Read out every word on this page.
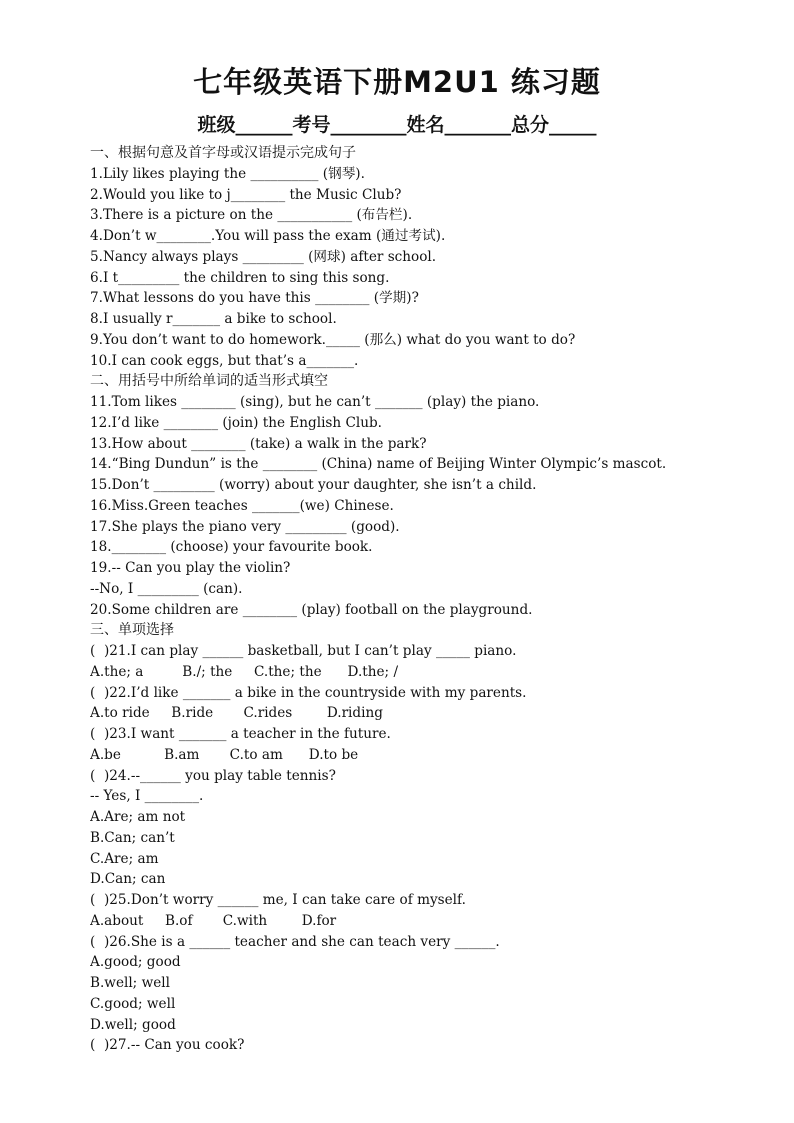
七年级英语下册M2U1 练习题
班级______考号________姓名_______总分_____
一、根据句意及首字母或汉语提示完成句子
1.Lily likes playing the __________ (钢琴).
2.Would you like to j________ the Music Club?
3.There is a picture on the ___________ (布告栏).
4.Don’t w________.You will pass the exam (通过考试).
5.Nancy always plays _________ (网球) after school.
6.I t_________ the children to sing this song.
7.What lessons do you have this ________ (学期)?
8.I usually r_______ a bike to school.
9.You don’t want to do homework._____ (那么) what do you want to do?
10.I can cook eggs, but that’s a_______.
二、用括号中所给单词的适当形式填空
11.Tom likes ________ (sing), but he can’t _______ (play) the piano.
12.I’d like ________ (join) the English Club.
13.How about ________ (take) a walk in the park?
14.“Bing Dundun” is the ________ (China) name of Beijing Winter Olympic’s mascot.
15.Don’t _________ (worry) about your daughter, she isn’t a child.
16.Miss.Green teaches _______(we) Chinese.
17.She plays the piano very _________ (good).
18.________ (choose) your favourite book.
19.-- Can you play the violin?
--No, I _________ (can).
20.Some children are ________ (play) football on the playground.
三、单项选择
(  )21.I can play ______ basketball, but I can’t play _____ piano.
A.the; a         B./; the     C.the; the      D.the; /
(  )22.I’d like _______ a bike in the countryside with my parents.
A.to ride     B.ride       C.rides        D.riding
(  )23.I want _______ a teacher in the future.
A.be          B.am       C.to am      D.to be
(  )24.--______ you play table tennis?
-- Yes, I ________.
A.Are; am not
B.Can; can’t
C.Are; am
D.Can; can
(  )25.Don’t worry ______ me, I can take care of myself.
A.about     B.of       C.with        D.for
(  )26.She is a ______ teacher and she can teach very ______.
A.good; good
B.well; well
C.good; well
D.well; good
(  )27.-- Can you cook?
